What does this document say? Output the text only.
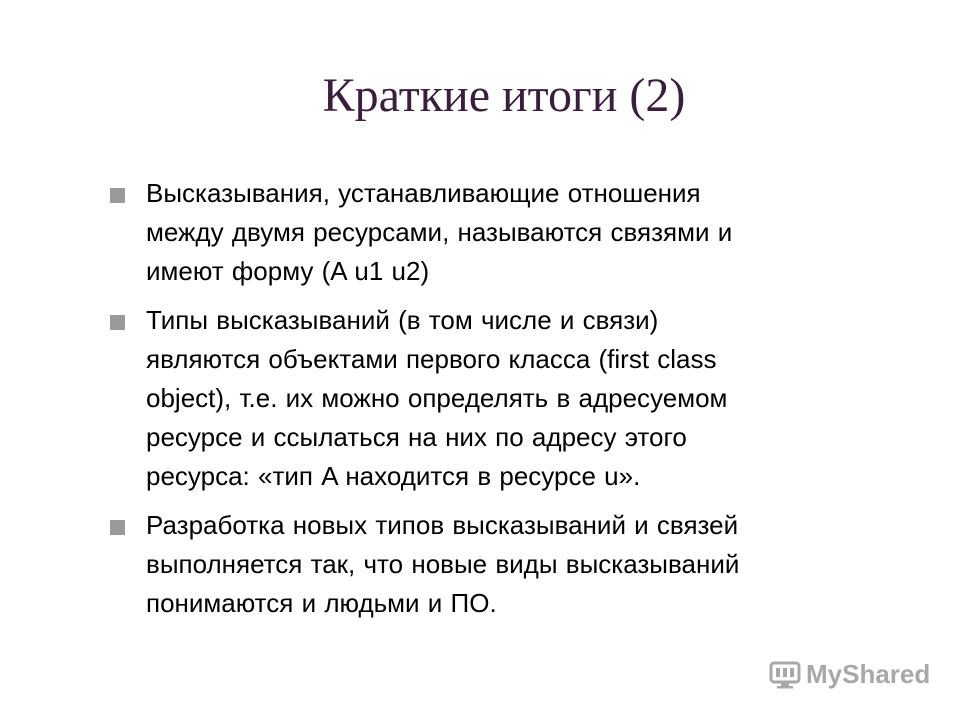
Краткие итоги (2)
Высказывания, устанавливающие отношения
между двумя ресурсами, называются связями и
имеют форму (A u1 u2)
Типы высказываний (в том числе и связи)
являются объектами первого класса (first class
object), т.е. их можно определять в адресуемом
ресурсе и ссылаться на них по адресу этого
ресурса: «тип A находится в ресурсе u».
Разработка новых типов высказываний и связей
выполняется так, что новые виды высказываний
понимаются и людьми и ПО.
MyShared
